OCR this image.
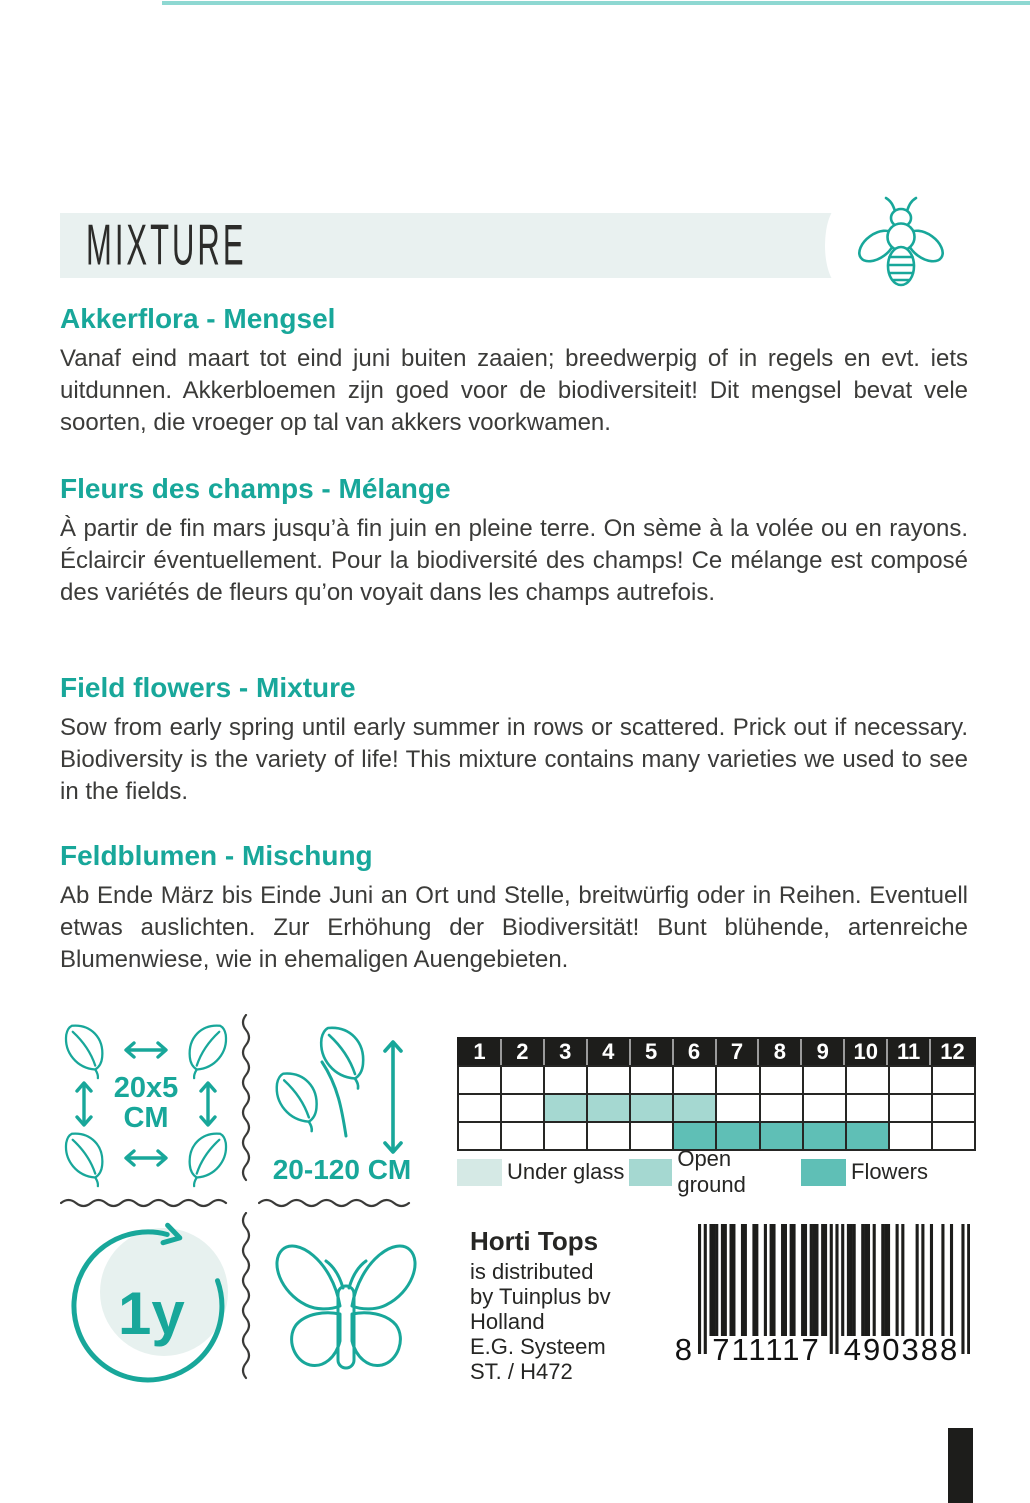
MIXTURE
Akkerflora - Mengsel

Vanaf eind maart tot eind juni buiten zaaien; breedwerpig of in regels en evt. iets uitdunnen. Akkerbloemen zijn goed voor de biodiversiteit! Dit mengsel bevat vele soorten, die vroeger op tal van akkers voorkwamen.

Fleurs des champs - Mélange

À partir de fin mars jusqu’à fin juin en pleine terre. On sème à la volée ou en rayons. Éclaircir éventuellement. Pour la biodiversité des champs! Ce mélange est composé des variétés de fleurs qu’on voyait dans les champs autrefois.

Field flowers - Mixture

Sow from early spring until early summer in rows or scattered. Prick out if necessary. Biodiversity is the variety of life! This mixture contains many varieties we used to see in the fields.

Feldblumen - Mischung

Ab Ende März bis Einde Juni an Ort und Stelle, breitwürfig oder in Reihen. Eventuell etwas auslichten. Zur Erhöhung der Biodiversität! Bunt blühende, artenreiche Blumenwiese, wie in ehemaligen Auengebieten.

20x5
CM
20-120 CM
1	2	3	4	5	6	7	8	9	10 11 12

Under glass
Open ground
Flowers
1y
Horti Tops
is distributed
by Tuinplus bv
Holland
E.G. Systeem
ST. / H472
8 711117 490388
